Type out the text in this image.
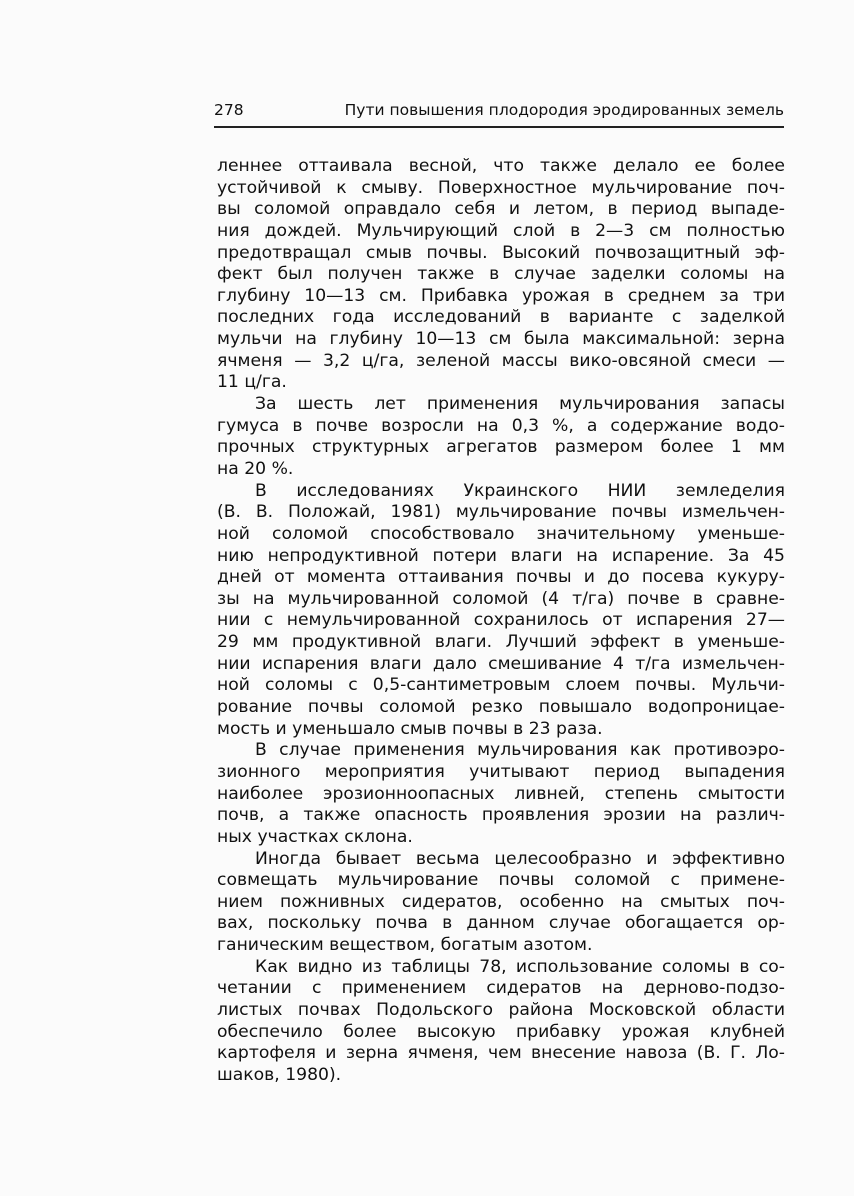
278	Пути повышения плодородия эродированных земель
леннее оттаивала весной, что также делало ее более
устойчивой к смыву. Поверхностное мульчирование поч-
вы соломой оправдало себя и летом, в период выпаде-
ния дождей. Мульчирующий слой в 2—3 см полностью
предотвращал смыв почвы. Высокий почвозащитный эф-
фект был получен также в случае заделки соломы на
глубину 10—13 см. Прибавка урожая в среднем за три
последних года исследований в варианте с заделкой
мульчи на глубину 10—13 см была максимальной: зерна
ячменя — 3,2 ц/га, зеленой массы вико-овсяной смеси —
11 ц/га.
За шесть лет применения мульчирования запасы
гумуса в почве возросли на 0,3 %, а содержание водо-
прочных структурных агрегатов размером более 1 мм
на 20 %.
В исследованиях Украинского НИИ земледелия
(В. В. Положай, 1981) мульчирование почвы измельчен-
ной соломой способствовало значительному уменьше-
нию непродуктивной потери влаги на испарение. За 45
дней от момента оттаивания почвы и до посева кукуру-
зы на мульчированной соломой (4 т/га) почве в сравне-
нии с немульчированной сохранилось от испарения 27—
29 мм продуктивной влаги. Лучший эффект в уменьше-
нии испарения влаги дало смешивание 4 т/га измельчен-
ной соломы с 0,5-сантиметровым слоем почвы. Мульчи-
рование почвы соломой резко повышало водопроницае-
мость и уменьшало смыв почвы в 23 раза.
В случае применения мульчирования как противоэро-
зионного мероприятия учитывают период выпадения
наиболее эрозионноопасных ливней, степень смытости
почв, а также опасность проявления эрозии на различ-
ных участках склона.
Иногда бывает весьма целесообразно и эффективно
совмещать мульчирование почвы соломой с примене-
нием пожнивных сидератов, особенно на смытых поч-
вах, поскольку почва в данном случае обогащается ор-
ганическим веществом, богатым азотом.
Как видно из таблицы 78, использование соломы в со-
четании с применением сидератов на дерново-подзо-
листых почвах Подольского района Московской области
обеспечило более высокую прибавку урожая клубней
картофеля и зерна ячменя, чем внесение навоза (В. Г. Ло-
шаков, 1980).
